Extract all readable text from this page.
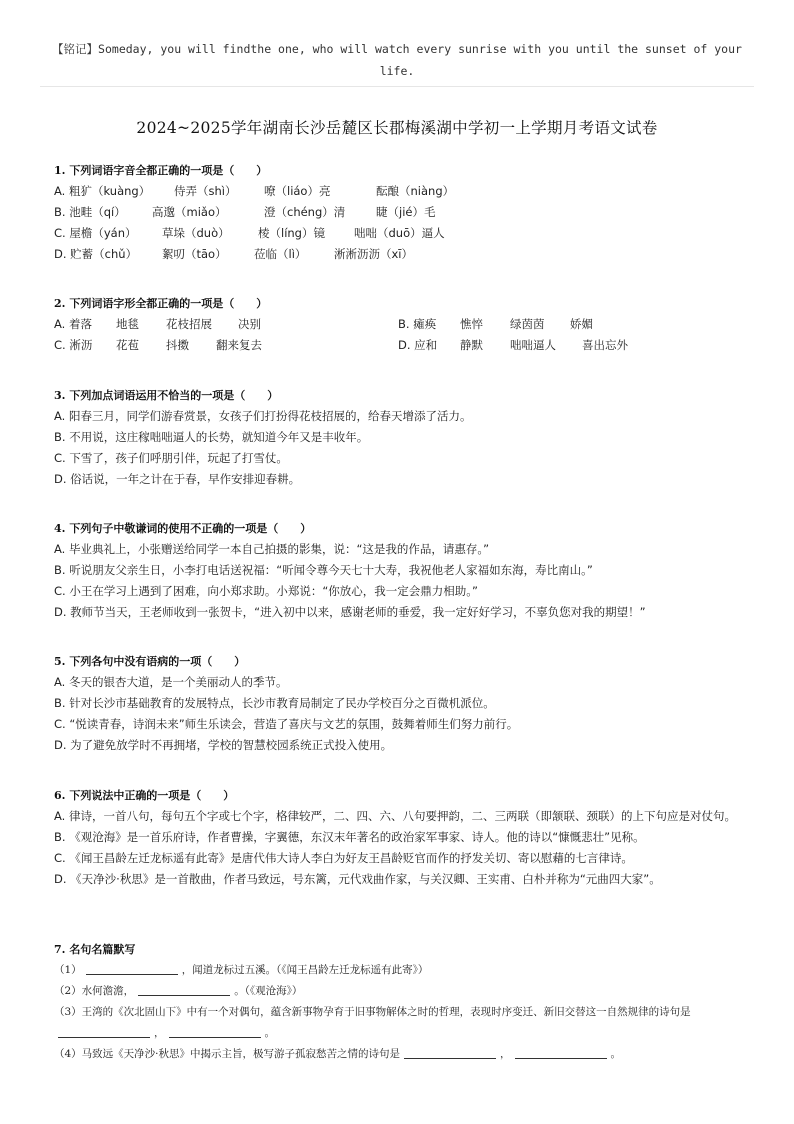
【铭记】Someday, you will findthe one, who will watch every sunrise with you until the sunset of your life.
2024~2025学年湖南长沙岳麓区长郡梅溪湖中学初一上学期月考语文试卷
1. 下列词语字音全都正确的一项是（　　）
A. 粗犷（kuàng）	侍弄（shì）	嘹（liáo）亮	酝酿（niàng）
B. 池畦（qí）	高邈（miǎo）	澄（chéng）清	睫（jié）毛
C. 屋檐（yán）	草垛（duò）	棱（líng）镜	咄咄（duō）逼人
D. 贮蓄（chǔ）	絮叨（tāo）	莅临（lì）	淅淅沥沥（xī）
2. 下列词语字形全都正确的一项是（　　）
A. 着落	地毯	花枝招展	决别	B. 瘫痪	憔悴	绿茵茵	娇媚
C. 淅沥	花苞	抖擞	翻来复去	D. 应和	静默	咄咄逼人	喜出忘外
3. 下列加点词语运用不恰当的一项是（　　）
A. 阳春三月，同学们游春赏景，女孩子们打扮得花枝招展的，给春天增添了活力。
B. 不用说，这庄稼咄咄逼人的长势，就知道今年又是丰收年。
C. 下雪了，孩子们呼朋引伴，玩起了打雪仗。
D. 俗话说，一年之计在于春，早作安排迎春耕。
4. 下列句子中敬谦词的使用不正确的一项是（　　）
A. 毕业典礼上，小张赠送给同学一本自己拍摄的影集，说：“这是我的作品，请惠存。”
B. 听说朋友父亲生日，小李打电话送祝福：“听闻令尊今天七十大寿，我祝他老人家福如东海，寿比南山。”
C. 小王在学习上遇到了困难，向小郑求助。小郑说：“你放心，我一定会鼎力相助。”
D. 教师节当天，王老师收到一张贺卡，“进入初中以来，感谢老师的垂爱，我一定好好学习，不辜负您对我的期望！”
5. 下列各句中没有语病的一项（　　）
A. 冬天的银杏大道，是一个美丽动人的季节。
B. 针对长沙市基础教育的发展特点，长沙市教育局制定了民办学校百分之百微机派位。
C. “悦读青春，诗润未来”师生乐读会，营造了喜庆与文艺的氛围，鼓舞着师生们努力前行。
D. 为了避免放学时不再拥堵，学校的智慧校园系统正式投入使用。
6. 下列说法中正确的一项是（　　）
A. 律诗，一首八句，每句五个字或七个字，格律较严，二、四、六、八句要押韵，二、三两联（即颔联、颈联）的上下句应是对仗句。
B. 《观沧海》是一首乐府诗，作者曹操，字翼德，东汉末年著名的政治家军事家、诗人。他的诗以“慷慨悲壮”见称。
C. 《闻王昌龄左迁龙标遥有此寄》是唐代伟大诗人李白为好友王昌龄贬官而作的抒发关切、寄以慰藉的七言律诗。
D. 《天净沙·秋思》是一首散曲，作者马致远，号东篱，元代戏曲作家，与关汉卿、王实甫、白朴并称为“元曲四大家”。
7. 名句名篇默写
（1）	，闻道龙标过五溪。（《闻王昌龄左迁龙标遥有此寄》）
（2）水何澹澹，	。（《观沧海》）
（3）王湾的《次北固山下》中有一个对偶句，蕴含新事物孕育于旧事物解体之时的哲理，表现时序变迁、新旧交替这一自然规律的诗句是，	。
（4）马致远《天净沙·秋思》中揭示主旨，极写游子孤寂愁苦之情的诗句是	，	。
